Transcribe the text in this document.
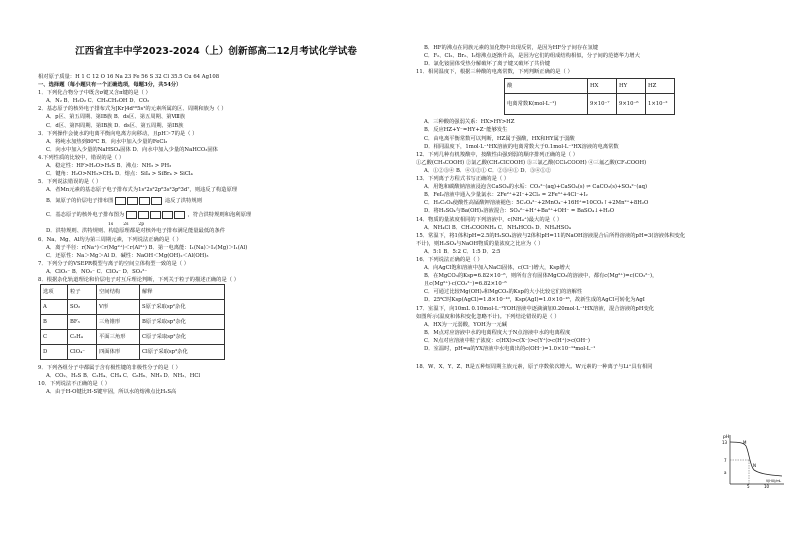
江西省宜丰中学2023-2024（上）创新部高二12月考试化学试卷
相对原子质量：H 1 C 12 O 16 Na 23 Fe 56 S 32 Cl 35.5 Cu 64 Ag108
一、选择题（每小题只有一个正确选项，每题3分，共54分）
1．下列化合物分子中既含σ键又含π键的是（ ）
A．N₂ B．H₂O₂ C．CH₃CH₂OH D．CO₂
2．基态原子的核外电子排布式为[Kr]4d¹⁰5s¹的元素所属的区、周期和族为（ ）
A．p区、第五周期、第ⅠB族 B．ds区、第五周期、第Ⅷ族
C．d区、第四周期、第ⅠB族 D．ds区、第五周期、第ⅠB族
3．下列操作会使水的电离平衡向电离方向移动，且pH＞7的是（ ）
A．将纯水加热到80℃ B．向水中加入少量的FeCl₃
C．向水中加入少量的NaHSO₄固体 D．向水中加入少量的NaHCO₃固体
4.下列性质的比较中，错误的是（ ）
A．稳定性：HF>H₂O>H₂S B．沸点：NH₃ > PH₃
C．键角：H₂O>NH₃>CH₄ D．熔点：SiI₄ > SiBr₄ > SiCl₄
5．下列说法错误的是（ ）
A．者Mn元素的基态原子电子排布式为1s²2s²2p⁶3s²3p⁶3d⁷，则违反了构造原理
B．氮原子的价层电子排布图	违反了洪特规则
C．基态原子的核外电子排布图为	，符合洪特规则和泡利原理
1s 2s 2p
D．洪特规则、洪特规则、构造原理都是对核外电子排布满足能量最低的条件
6．Na、Mg、Al均为第三周期元素，下列说法正确的是（ ）
A．离子半径：r(Na⁺)＜r(Mg²⁺)＜r(Al³⁺) B．第一电离能：I₁(Na)＞I₁(Mg)＞I₁(Al)
C．还原性：Na＞Mg＞Al D．碱性：NaOH＜Mg(OH)₂＜Al(OH)₃
7．下列分子的VSEPR模型与离子的空间立体构型一致的是（ ）
A．ClO₃⁻ B．NO₂⁻ C．ClO₄⁻ D．SO₃²⁻
8．根据杂化轨道理论和价层电子对互斥理论判断，下列关于粒子的描述正确的是（ ）
选项	粒子	空间结构	解释
A	SO₂	V形	S原子采取sp²杂化
B	BF₃	三角锥形	B原子采取sp³杂化
C	C₂H₄	平面三角形	C原子采取sp²杂化
D	ClO₄⁻	四面体形	Cl原子采取sp³杂化
9．下列各组分子中都属于含有极性键的非极性分子的是（ ）
A．CO₂、H₂S B．C₂H₄、CH₄ C．C₆H₆、NH₃ D．NH₃、HCl
10．下列说法不正确的是（ ）
A．由于H-O键比H-S键牢固，所以水的熔沸点比H₂S高
B．HF的沸点在同族元素的氢化物中出现反常，是因为HF分子间存在氢键
C．F₂、Cl₂、Br₂、I₂熔沸点逐渐升高，是因为它们的组成结构相似，分子间的范德华力增大
D．氯化铵固体受热分解破坏了离子键又破坏了共价键
11．相同温度下，根据三种酸的电离常数，下列判断正确的是（ ）
酸	HX	HY	HZ
电离常数K(mol·L⁻¹)	9×10⁻⁷	9×10⁻⁶	1×10⁻²
A．三种酸的强弱关系：HX>HY>HZ
B．反应HZ+Y⁻=HY+Z⁻能够发生
C．由电离平衡常数可以判断，HZ属于强酸，HX和HY属于弱酸
D．相同温度下，1mol·L⁻¹HX溶液的电离常数大于0.1mol·L⁻¹HX溶液的电离常数
12．下列几种有机羧酸中，按酸性由强到弱的顺序排列正确的是（ ）
①乙酸(CH₃COOH) ②氯乙酸(CH₂ClCOOH) ③三氯乙酸(CCl₃COOH) ④三氟乙酸(CF₃COOH)
A．①②③④ B．④③②① C．②③④① D．③④①②
13．下列离子方程式书写正确的是（ ）
A．用饱和碳酸钠溶液浸泡含CaSO₄的水垢：CO₃²⁻(aq)+CaSO₄(s) ⇌ CaCO₃(s)+SO₄²⁻(aq)
B．FeI₂溶液中通入少量氯水：2Fe²⁺+2I⁻+2Cl₂ = 2Fe³⁺+4Cl⁻+I₂
C．H₂C₂O₄使酸性高锰酸钾溶液褪色：5C₂O₄²⁻+2MnO₄⁻+16H⁺=10CO₂↑+2Mn²⁺+8H₂O
D．将H₂SO₄与Ba(OH)₂溶液混合：SO₄²⁻+H⁺+Ba²⁺+OH⁻ = BaSO₄↓+H₂O
14．物质的量浓度相同的下列溶液中，c(NH₄⁺)最大的是（ ）
A．NH₄Cl B．CH₃COONH₄ C．NH₄HCO₃ D．NH₄HSO₄
15．常温下，将1体积pH=2.5的H₂SO₄溶液与2体积pH=11的NaOH溶液混合后所得溶液的pH=3(溶液体积变化
不计)，则H₂SO₄与NaOH物质的量浓度之比应为（ ）
A．5:1 B．5:2 C．1:5 D．2:5
16．下列说法正确的是（ ）
A．向AgCl饱和溶液中加入NaCl固体，c(Cl⁻)增大，Ksp增大
B．在MgCO₃的Ksp=6.82×10⁻⁶，则所有含有固体MgCO₃的溶液中，都有c(Mg²⁺)=c(CO₃²⁻)，
且c(Mg²⁺)·c(CO₃²⁻)=6.82×10⁻⁶
C．可通过比较Mg(OH)₂和MgCO₃的Ksp的大小比较它们的溶解性
D．25℃时Ksp(AgCl)=1.8×10⁻¹⁰，Ksp(AgI)=1.0×10⁻¹⁶，故新生成的AgCl可转化为AgI
17．室温下，向10mL 0.10mol·L⁻¹YOH溶液中逐滴滴加0.20mol·L⁻¹HX溶液，混合溶液的pH变化
如图所示(温度和体积变化忽略不计)。下列结论错误的是（ ）
A．HX为一元弱酸，YOH为一元碱
B．M点对应溶液中水的电离程度大于N点溶液中水的电离程度
C．N点对应溶液中粒子浓度：c(HX)>c(X⁻)>c(Y⁺)>c(H⁺)>c(OH⁻)
D．室温时，pH=a的YX溶液中水电离出的c(OH⁻)=1.0×10⁻¹⁴mol·L⁻¹
18．W、X、Y、Z、R是五种短周期主族元素，原子序数依次增大。W元素的一种离子与Li⁺具有相同
pH
13
7
a
5	10
M
N
V(HX)/mL
